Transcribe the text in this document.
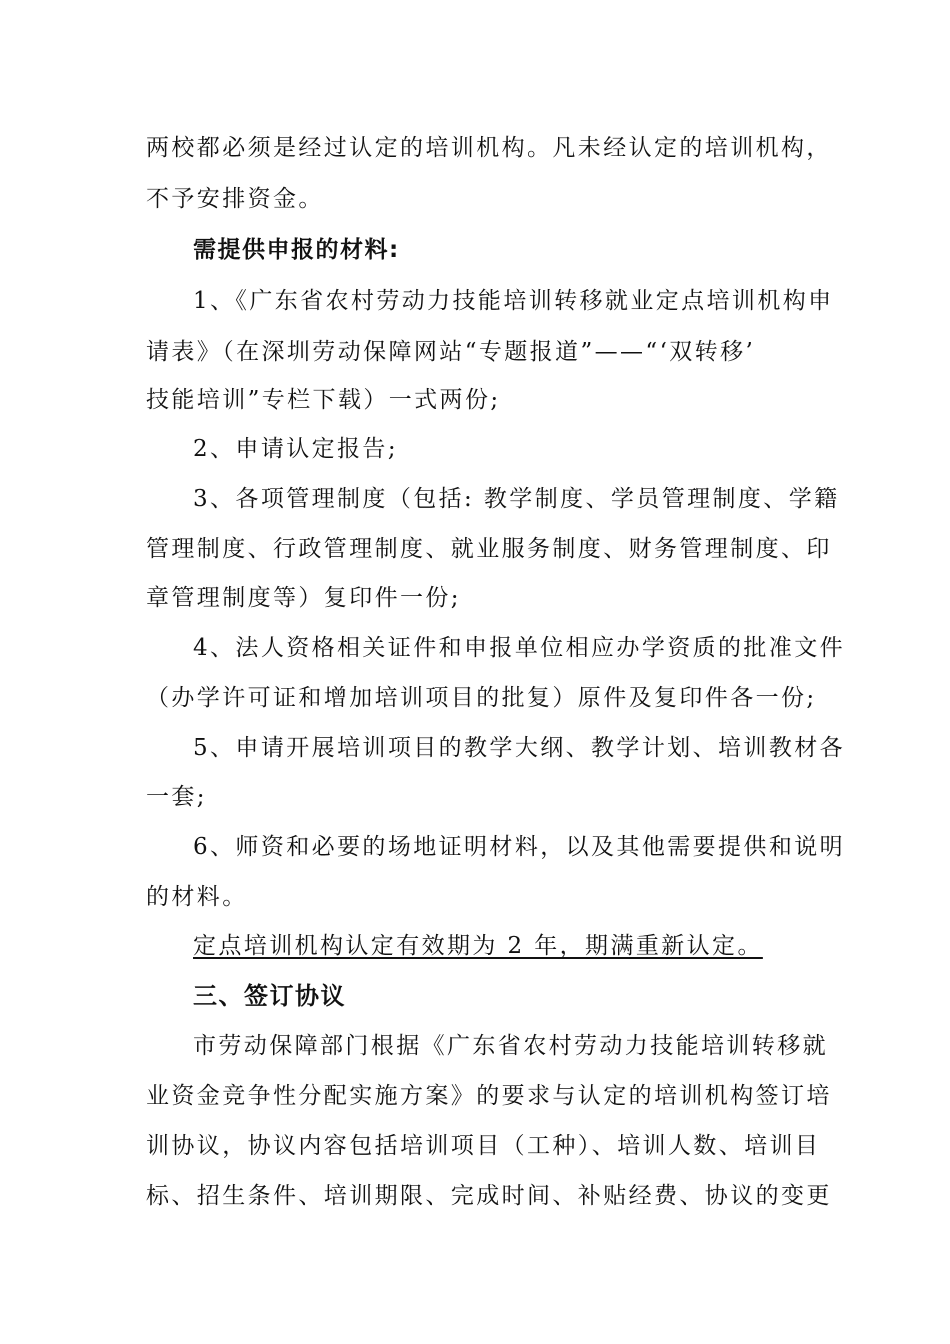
两校都必须是经过认定的培训机构。凡未经认定的培训机构，
不予安排资金。
需提供申报的材料:
1、《广东省农村劳动力技能培训转移就业定点培训机构申
请表》（在深圳劳动保障网站“专题报道”——“‘双转移’
技能培训”专栏下载）一式两份;
2、申请认定报告;
3、各项管理制度（包括: 教学制度、学员管理制度、学籍
管理制度、行政管理制度、就业服务制度、财务管理制度、印
章管理制度等）复印件一份;
4、法人资格相关证件和申报单位相应办学资质的批准文件
（办学许可证和增加培训项目的批复）原件及复印件各一份;
5、申请开展培训项目的教学大纲、教学计划、培训教材各
一套;
6、师资和必要的场地证明材料，以及其他需要提供和说明
的材料。
定点培训机构认定有效期为 2 年，期满重新认定。
三、签订协议
市劳动保障部门根据《广东省农村劳动力技能培训转移就
业资金竞争性分配实施方案》的要求与认定的培训机构签订培
训协议，协议内容包括培训项目（工种）、培训人数、培训目
标、招生条件、培训期限、完成时间、补贴经费、协议的变更
